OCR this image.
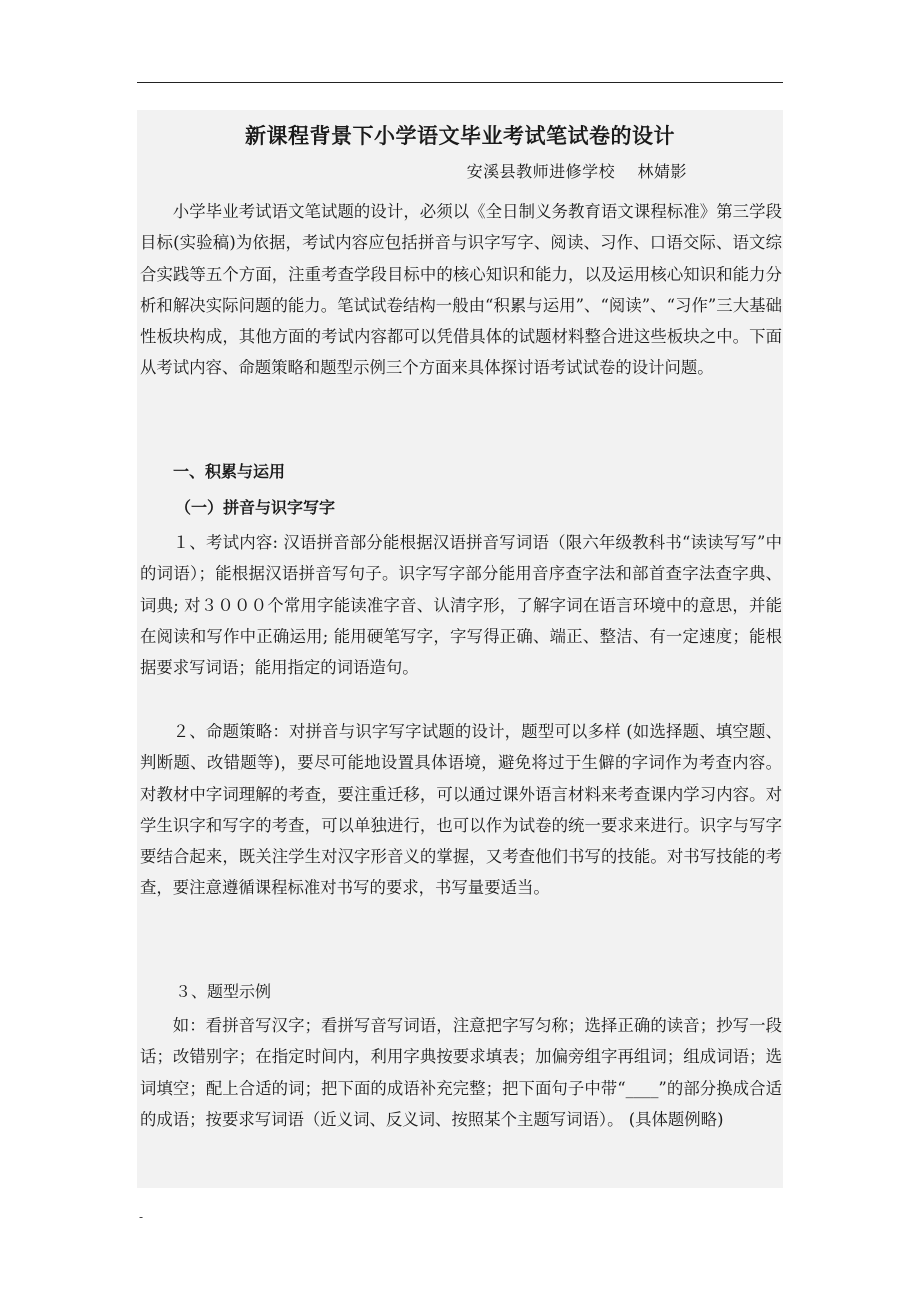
新课程背景下小学语文毕业考试笔试卷的设计
安溪县教师进修学校    林婧影

小学毕业考试语文笔试题的设计，必须以《全日制义务教育语文课程标准》第三学段目标(实验稿)为依据，考试内容应包括拼音与识字写字、阅读、习作、口语交际、语文综合实践等五个方面，注重考查学段目标中的核心知识和能力，以及运用核心知识和能力分析和解决实际问题的能力。笔试试卷结构一般由“积累与运用”、“阅读”、“习作”三大基础性板块构成，其他方面的考试内容都可以凭借具体的试题材料整合进这些板块之中。下面从考试内容、命题策略和题型示例三个方面来具体探讨语考试试卷的设计问题。

一、积累与运用
（一）拼音与识字写字

１、考试内容: 汉语拼音部分能根据汉语拼音写词语（限六年级教科书“读读写写”中的词语）；能根据汉语拼音写句子。识字写字部分能用音序查字法和部首查字法查字典、词典; 对３０００个常用字能读准字音、认清字形，了解字词在语言环境中的意思，并能在阅读和写作中正确运用; 能用硬笔写字，字写得正确、端正、整洁、有一定速度；能根据要求写词语；能用指定的词语造句。

２、命题策略：对拼音与识字写字试题的设计，题型可以多样 (如选择题、填空题、判断题、改错题等)，要尽可能地设置具体语境，避免将过于生僻的字词作为考查内容。对教材中字词理解的考查，要注重迁移，可以通过课外语言材料来考查课内学习内容。对学生识字和写字的考查，可以单独进行，也可以作为试卷的统一要求来进行。识字与写字要结合起来，既关注学生对汉字形音义的掌握，又考查他们书写的技能。对书写技能的考查，要注意遵循课程标准对书写的要求，书写量要适当。

３、题型示例

如：看拼音写汉字；看拼写音写词语，注意把字写匀称；选择正确的读音；抄写一段话；改错别字；在指定时间内，利用字典按要求填表；加偏旁组字再组词；组成词语；选词填空；配上合适的词；把下面的成语补充完整；把下面句子中带“____”的部分换成合适的成语；按要求写词语（近义词、反义词、按照某个主题写词语）。 (具体题例略)

-
